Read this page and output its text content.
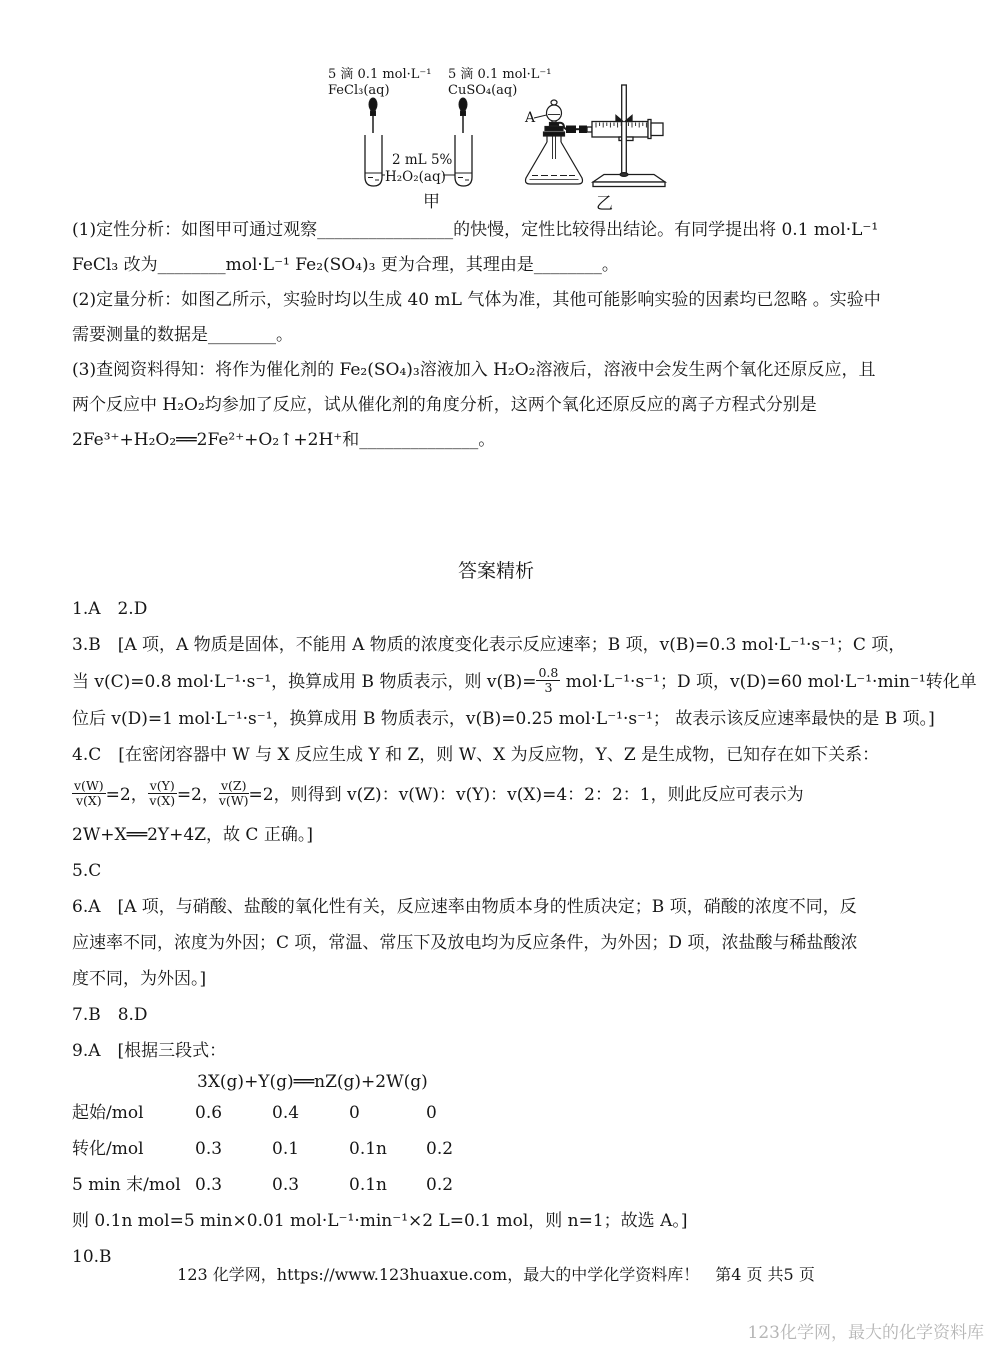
5 滴 0.1 mol·L⁻¹
FeCl₃(aq)
5 滴 0.1 mol·L⁻¹
CuSO₄(aq)
2 mL 5%
H₂O₂(aq)
甲
A
乙
(1)定性分析：如图甲可通过观察________________的快慢，定性比较得出结论。有同学提出将 0.1 mol·L⁻¹
FeCl₃ 改为________mol·L⁻¹ Fe₂(SO₄)₃ 更为合理，其理由是________。
(2)定量分析：如图乙所示，实验时均以生成 40 mL 气体为准，其他可能影响实验的因素均已忽略 。实验中
需要测量的数据是________。
(3)查阅资料得知：将作为催化剂的 Fe₂(SO₄)₃溶液加入 H₂O₂溶液后，溶液中会发生两个氧化还原反应，且
两个反应中 H₂O₂均参加了反应，试从催化剂的角度分析，这两个氧化还原反应的离子方程式分别是
2Fe³⁺+H₂O₂══2Fe²⁺+O₂↑+2H⁺和______________。
答案精析
1.A　2.D
3.B　[A 项，A 物质是固体，不能用 A 物质的浓度变化表示反应速率；B 项，v(B)=0.3 mol·L⁻¹·s⁻¹；C 项，
当 v(C)=0.8 mol·L⁻¹·s⁻¹，换算成用 B 物质表示，则 $v(B)= \frac{0.8}{3} mol\cdot L^{-1}\cdot s^{-1}$；D 项，v(D)=60 mol·L⁻¹·min⁻¹转化单
位后 v(D)=1 mol·L⁻¹·s⁻¹，换算成用 B 物质表示，v(B)=0.25 mol·L⁻¹·s⁻¹； 故表示该反应速率最快的是 B 项。]
4.C　[在密闭容器中 W 与 X 反应生成 Y 和 Z，则 W、X 为反应物，Y、Z 是生成物，已知存在如下关系：
$\frac{v(W)}{v(X)} =2$， $\frac{v(Y)}{v(X)} =2$， $\frac{v(Z)}{v(W)} =2$，则得到 v(Z)：v(W)：v(Y)：v(X)=4：2：2：1，则此反应可表示为
2W+X══2Y+4Z，故 C 正确。]
5.C
6.A　[A 项，与硝酸、盐酸的氧化性有关，反应速率由物质本身的性质决定；B 项，硝酸的浓度不同，反
应速率不同，浓度为外因；C 项，常温、常压下及放电均为反应条件，为外因；D 项，浓盐酸与稀盐酸浓
度不同，为外因。]
7.B　8.D
9.A　[根据三段式：
3X(g)+Y(g)══nZ(g)+2W(g)
起始/mol	0.6	0.4	0	0
转化/mol	0.3	0.1	0.1n	0.2
5 min 末/mol 0.3	0.3	0.1n	0.2
则 0.1n mol=5 min×0.01 mol·L⁻¹·min⁻¹×2 L=0.1 mol，则 n=1；故选 A。]
10.B
123 化学网，https://www.123huaxue.com，最大的中学化学资料库！　第4 页 共5 页
123化学网，最大的化学资料库
